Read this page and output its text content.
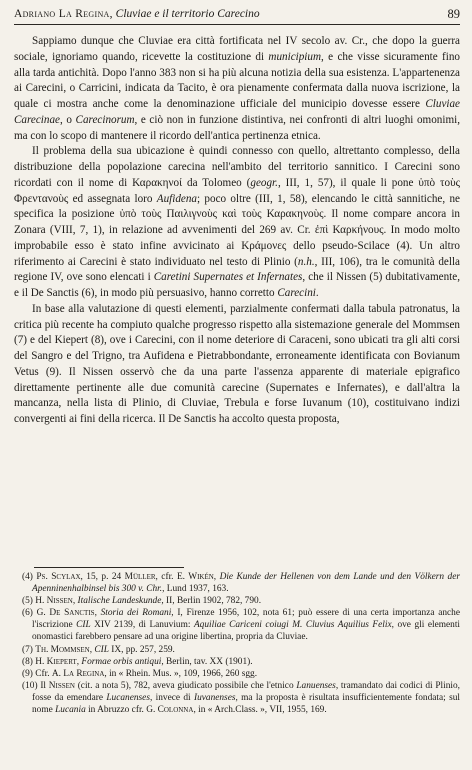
Adriano La Regina, Cluviae e il territorio Carecino	89

Sappiamo dunque che Cluviae era città fortificata nel IV secolo av. Cr., che dopo la guerra sociale, ignoriamo quando, ricevette la costituzione di municipium, e che visse sicuramente fino alla tarda antichità. Dopo l'anno 383 non si ha più alcuna notizia della sua esistenza. L'appartenenza ai Carecini, o Carricini, indicata da Tacito, è ora pienamente confermata dalla nuova iscrizione, la quale ci mostra anche come la denominazione ufficiale del municipio dovesse essere Cluviae Carecinae, o Carecinorum, e ciò non in funzione distintiva, nei confronti di altri luoghi omonimi, ma con lo scopo di mantenere il ricordo dell'antica pertinenza etnica.

Il problema della sua ubicazione è quindi connesso con quello, altrettanto complesso, della distribuzione della popolazione carecina nell'ambito del territorio sannitico. I Carecini sono ricordati con il nome di Καρακηνοί da Tolomeo (geogr., III, 1, 57), il quale li pone ὑπὸ τοὺς Φρεντανοὺς ed assegnata loro Aufidena; poco oltre (III, 1, 58), elencando le città sannitiche, ne specifica la posizione ὑπὸ τοὺς Παιλιγνοὺς καὶ τοὺς Καρακηνοὺς. Il nome compare ancora in Zonara (VIII, 7, 1), in relazione ad avvenimenti del 269 av. Cr. ἐπὶ Καρκήνους. In modo molto improbabile esso è stato infine avvicinato ai Κράμονες dello pseudo-Scilace (4). Un altro riferimento ai Carecini è stato individuato nel testo di Plinio (n.h., III, 106), tra le comunità della regione IV, ove sono elencati i Caretini Supernates et Infernates, che il Nissen (5) dubitativamente, e il De Sanctis (6), in modo più persuasivo, hanno corretto Carecini.

In base alla valutazione di questi elementi, parzialmente confermati dalla tabula patronatus, la critica più recente ha compiuto qualche progresso rispetto alla sistemazione generale del Mommsen (7) e del Kiepert (8), ove i Carecini, con il nome deteriore di Caraceni, sono ubicati tra gli alti corsi del Sangro e del Trigno, tra Aufidena e Pietrabbondante, erroneamente identificata con Bovianum Vetus (9). Il Nissen osservò che da una parte l'assenza apparente di materiale epigrafico direttamente pertinente alle due comunità carecine (Supernates e Infernates), e dall'altra la mancanza, nella lista di Plinio, di Cluviae, Trebula e forse Iuvanum (10), costituivano indizi convergenti ai fini della ricerca. Il De Sanctis ha accolto questa proposta,

(4) Ps. Scylax, 15, p. 24 Müller, cfr. E. Wikén, Die Kunde der Hellenen von dem Lande und den Völkern der Apenninenhalbinsel bis 300 v. Chr., Lund 1937, 163.

(5) H. Nissen, Italische Landeskunde, II, Berlin 1902, 782, 790.

(6) G. De Sanctis, Storia dei Romani, I, Firenze 1956, 102, nota 61; può essere di una certa importanza anche l'iscrizione CIL XIV 2139, di Lanuvium: Aquiliae Cariceni coiugi M. Cluvius Aquilius Felix, ove gli elementi onomastici farebbero pensare ad una origine libertina, propria da Cluviae.

(7) Th. Mommsen, CIL IX, pp. 257, 259.

(8) H. Kiepert, Formae orbis antiqui, Berlin, tav. XX (1901).

(9) Cfr. A. La Regina, in « Rhein. Mus. », 109, 1966, 260 sgg.

(10) Il Nissen (cit. a nota 5), 782, aveva giudicato possibile che l'etnico Lanuenses, tramandato dai codici di Plinio, fosse da emendare Lucanenses, invece di Iuvanenses, ma la proposta è risultata insufficientemente fondata; sul nome Lucania in Abruzzo cfr. G. Colonna, in « Arch.Class. », VII, 1955, 169.
